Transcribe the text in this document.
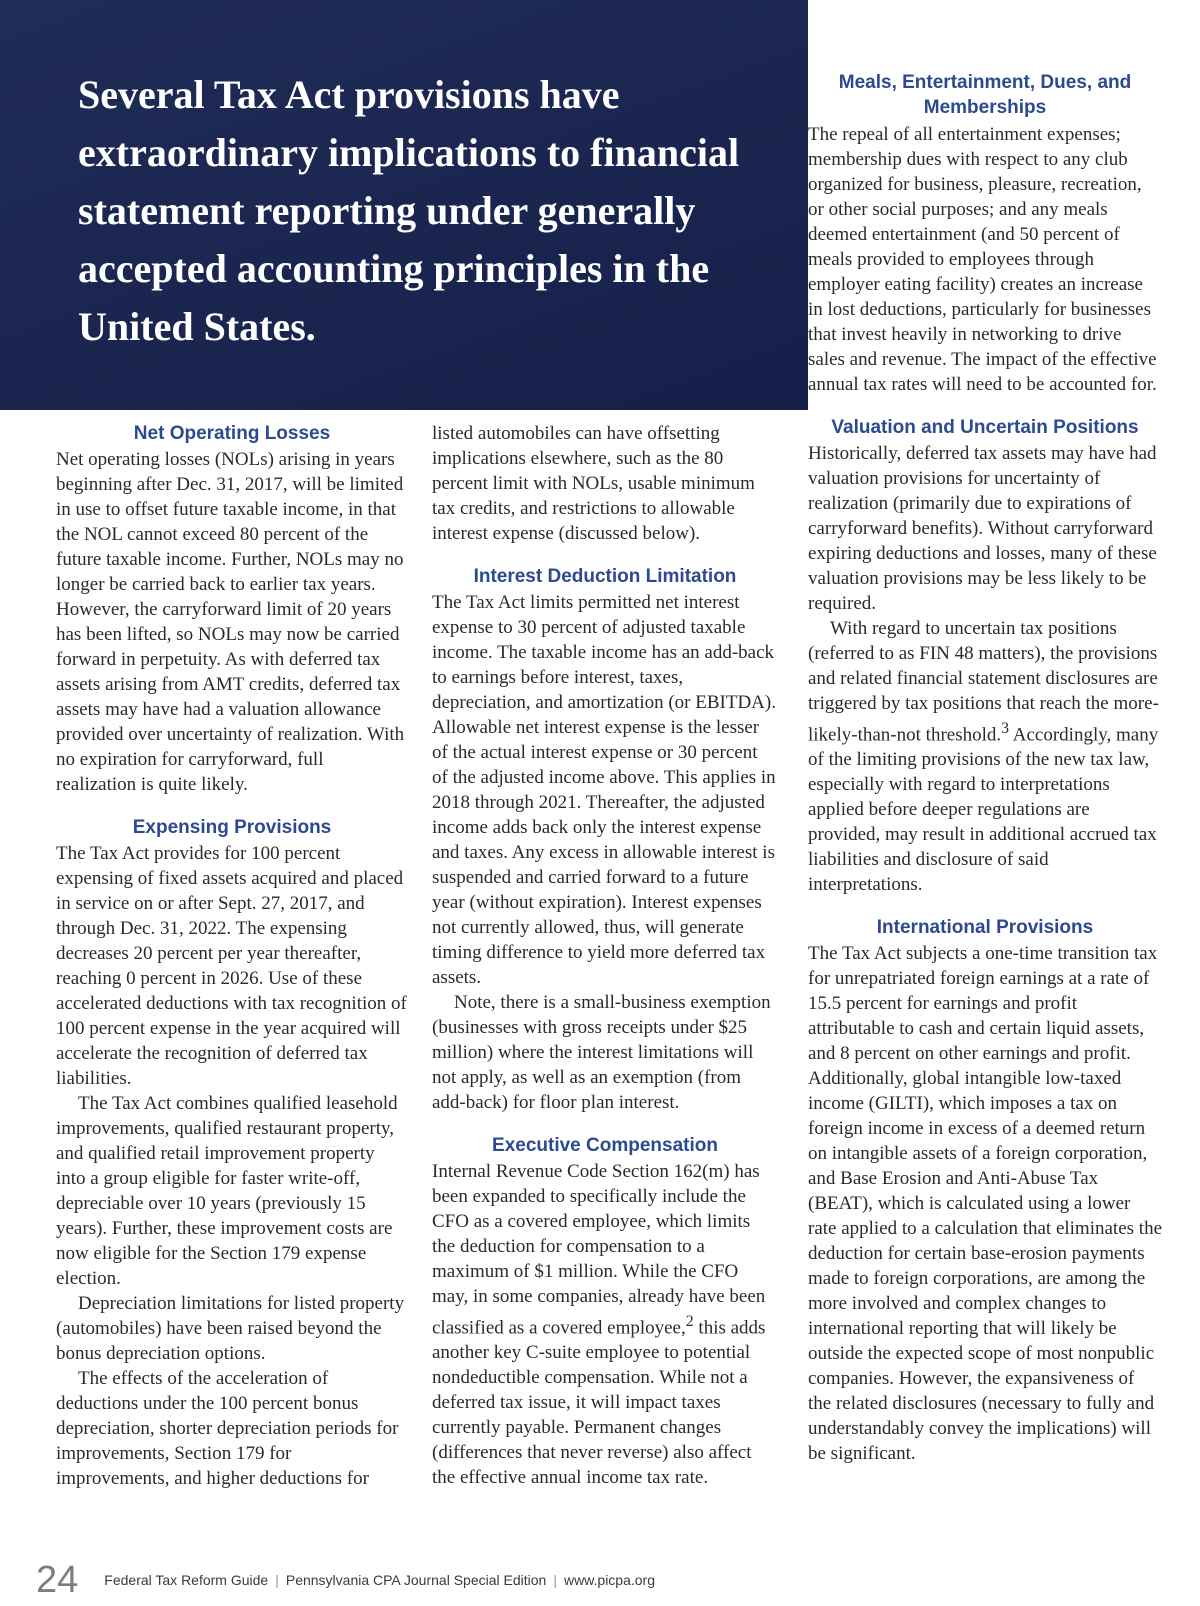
Several Tax Act provisions have extraordinary implications to financial statement reporting under generally accepted accounting principles in the United States.
Net Operating Losses

Net operating losses (NOLs) arising in years beginning after Dec. 31, 2017, will be limited in use to offset future taxable income, in that the NOL cannot exceed 80 percent of the future taxable income. Further, NOLs may no longer be carried back to earlier tax years. However, the carryforward limit of 20 years has been lifted, so NOLs may now be carried forward in perpetuity. As with deferred tax assets arising from AMT credits, deferred tax assets may have had a valuation allowance provided over uncertainty of realization. With no expiration for carryforward, full realization is quite likely.

Expensing Provisions

The Tax Act provides for 100 percent expensing of fixed assets acquired and placed in service on or after Sept. 27, 2017, and through Dec. 31, 2022. The expensing decreases 20 percent per year thereafter, reaching 0 percent in 2026. Use of these accelerated deductions with tax recognition of 100 percent expense in the year acquired will accelerate the recognition of deferred tax liabilities.

The Tax Act combines qualified leasehold improvements, qualified restaurant property, and qualified retail improvement property into a group eligible for faster write-off, depreciable over 10 years (previously 15 years). Further, these improvement costs are now eligible for the Section 179 expense election.

Depreciation limitations for listed property (automobiles) have been raised beyond the bonus depreciation options.

The effects of the acceleration of deductions under the 100 percent bonus depreciation, shorter depreciation periods for improvements, Section 179 for improvements, and higher deductions for

listed automobiles can have offsetting implications elsewhere, such as the 80 percent limit with NOLs, usable minimum tax credits, and restrictions to allowable interest expense (discussed below).

Interest Deduction Limitation

The Tax Act limits permitted net interest expense to 30 percent of adjusted taxable income. The taxable income has an add-back to earnings before interest, taxes, depreciation, and amortization (or EBITDA). Allowable net interest expense is the lesser of the actual interest expense or 30 percent of the adjusted income above. This applies in 2018 through 2021. Thereafter, the adjusted income adds back only the interest expense and taxes. Any excess in allowable interest is suspended and carried forward to a future year (without expiration). Interest expenses not currently allowed, thus, will generate timing difference to yield more deferred tax assets.

Note, there is a small-business exemption (businesses with gross receipts under $25 million) where the interest limitations will not apply, as well as an exemption (from add-back) for floor plan interest.

Executive Compensation

Internal Revenue Code Section 162(m) has been expanded to specifically include the CFO as a covered employee, which limits the deduction for compensation to a maximum of $1 million. While the CFO may, in some companies, already have been classified as a covered employee,$^2$ this adds another key C-suite employee to potential nondeductible compensation. While not a deferred tax issue, it will impact taxes currently payable. Permanent changes (differences that never reverse) also affect the effective annual income tax rate.

Meals, Entertainment, Dues, and Memberships

The repeal of all entertainment expenses; membership dues with respect to any club organized for business, pleasure, recreation, or other social purposes; and any meals deemed entertainment (and 50 percent of meals provided to employees through employer eating facility) creates an increase in lost deductions, particularly for businesses that invest heavily in networking to drive sales and revenue. The impact of the effective annual tax rates will need to be accounted for.

Valuation and Uncertain Positions

Historically, deferred tax assets may have had valuation provisions for uncertainty of realization (primarily due to expirations of carryforward benefits). Without carryforward expiring deductions and losses, many of these valuation provisions may be less likely to be required.

With regard to uncertain tax positions (referred to as FIN 48 matters), the provisions and related financial statement disclosures are triggered by tax positions that reach the more-likely-than-not threshold.$^3$ Accordingly, many of the limiting provisions of the new tax law, especially with regard to interpretations applied before deeper regulations are provided, may result in additional accrued tax liabilities and disclosure of said interpretations.

International Provisions

The Tax Act subjects a one-time transition tax for unrepatriated foreign earnings at a rate of 15.5 percent for earnings and profit attributable to cash and certain liquid assets, and 8 percent on other earnings and profit. Additionally, global intangible low-taxed income (GILTI), which imposes a tax on foreign income in excess of a deemed return on intangible assets of a foreign corporation, and Base Erosion and Anti-Abuse Tax (BEAT), which is calculated using a lower rate applied to a calculation that eliminates the deduction for certain base-erosion payments made to foreign corporations, are among the more involved and complex changes to international reporting that will likely be outside the expected scope of most nonpublic companies. However, the expansiveness of the related disclosures (necessary to fully and understandably convey the implications) will be significant.

24 Federal Tax Reform Guide | Pennsylvania CPA Journal Special Edition | www.picpa.org
